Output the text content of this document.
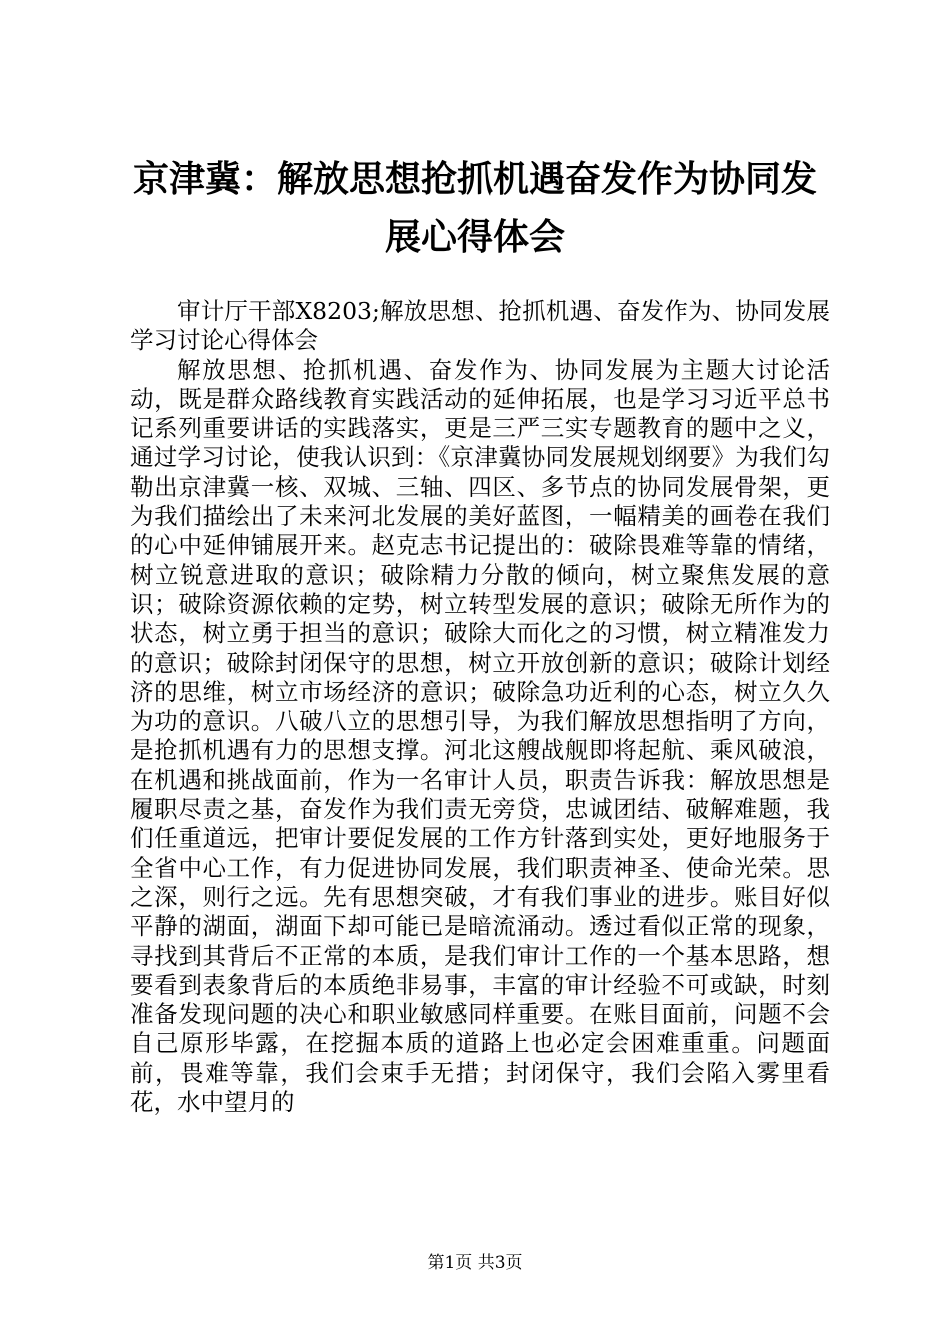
京津冀：解放思想抢抓机遇奋发作为协同发展心得体会

审计厅干部X8203;解放思想、抢抓机遇、奋发作为、协同发展学习讨论心得体会

解放思想、抢抓机遇、奋发作为、协同发展为主题大讨论活动，既是群众路线教育实践活动的延伸拓展，也是学习习近平总书记系列重要讲话的实践落实，更是三严三实专题教育的题中之义，通过学习讨论，使我认识到：《京津冀协同发展规划纲要》为我们勾勒出京津冀一核、双城、三轴、四区、多节点的协同发展骨架，更为我们描绘出了未来河北发展的美好蓝图，一幅精美的画卷在我们的心中延伸铺展开来。赵克志书记提出的：破除畏难等靠的情绪，树立锐意进取的意识；破除精力分散的倾向，树立聚焦发展的意识；破除资源依赖的定势，树立转型发展的意识；破除无所作为的状态，树立勇于担当的意识；破除大而化之的习惯，树立精准发力的意识；破除封闭保守的思想，树立开放创新的意识；破除计划经济的思维，树立市场经济的意识；破除急功近利的心态，树立久久为功的意识。八破八立的思想引导，为我们解放思想指明了方向，是抢抓机遇有力的思想支撑。河北这艘战舰即将起航、乘风破浪，在机遇和挑战面前，作为一名审计人员，职责告诉我：解放思想是履职尽责之基，奋发作为我们责无旁贷，忠诚团结、破解难题，我们任重道远，把审计要促发展的工作方针落到实处，更好地服务于全省中心工作，有力促进协同发展，我们职责神圣、使命光荣。思之深，则行之远。先有思想突破，才有我们事业的进步。账目好似平静的湖面，湖面下却可能已是暗流涌动。透过看似正常的现象，寻找到其背后不正常的本质，是我们审计工作的一个基本思路，想要看到表象背后的本质绝非易事，丰富的审计经验不可或缺，时刻准备发现问题的决心和职业敏感同样重要。在账目面前，问题不会自己原形毕露，在挖掘本质的道路上也必定会困难重重。问题面前，畏难等靠，我们会束手无措；封闭保守，我们会陷入雾里看花，水中望月的

第1页 共3页
